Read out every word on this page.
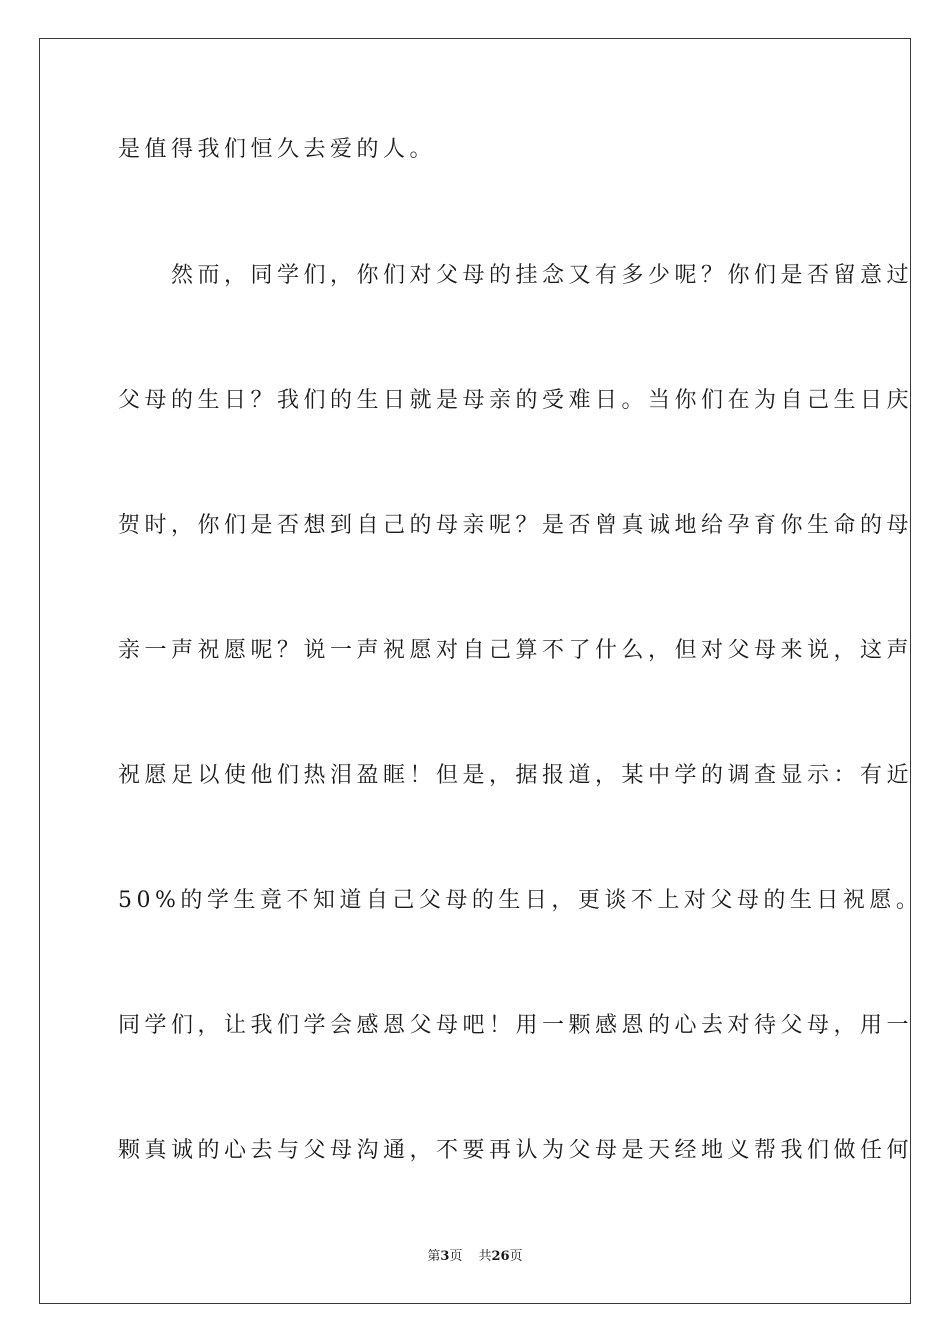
是值得我们恒久去爱的人。

　　然而，同学们，你们对父母的挂念又有多少呢？你们是否留意过

父母的生日？我们的生日就是母亲的受难日。当你们在为自己生日庆

贺时，你们是否想到自己的母亲呢？是否曾真诚地给孕育你生命的母

亲一声祝愿呢？说一声祝愿对自己算不了什么，但对父母来说，这声

祝愿足以使他们热泪盈眶！但是，据报道，某中学的调查显示：有近

50%的学生竟不知道自己父母的生日，更谈不上对父母的生日祝愿。

同学们，让我们学会感恩父母吧！用一颗感恩的心去对待父母，用一

颗真诚的心去与父母沟通，不要再认为父母是天经地义帮我们做任何

第3页 共26页
